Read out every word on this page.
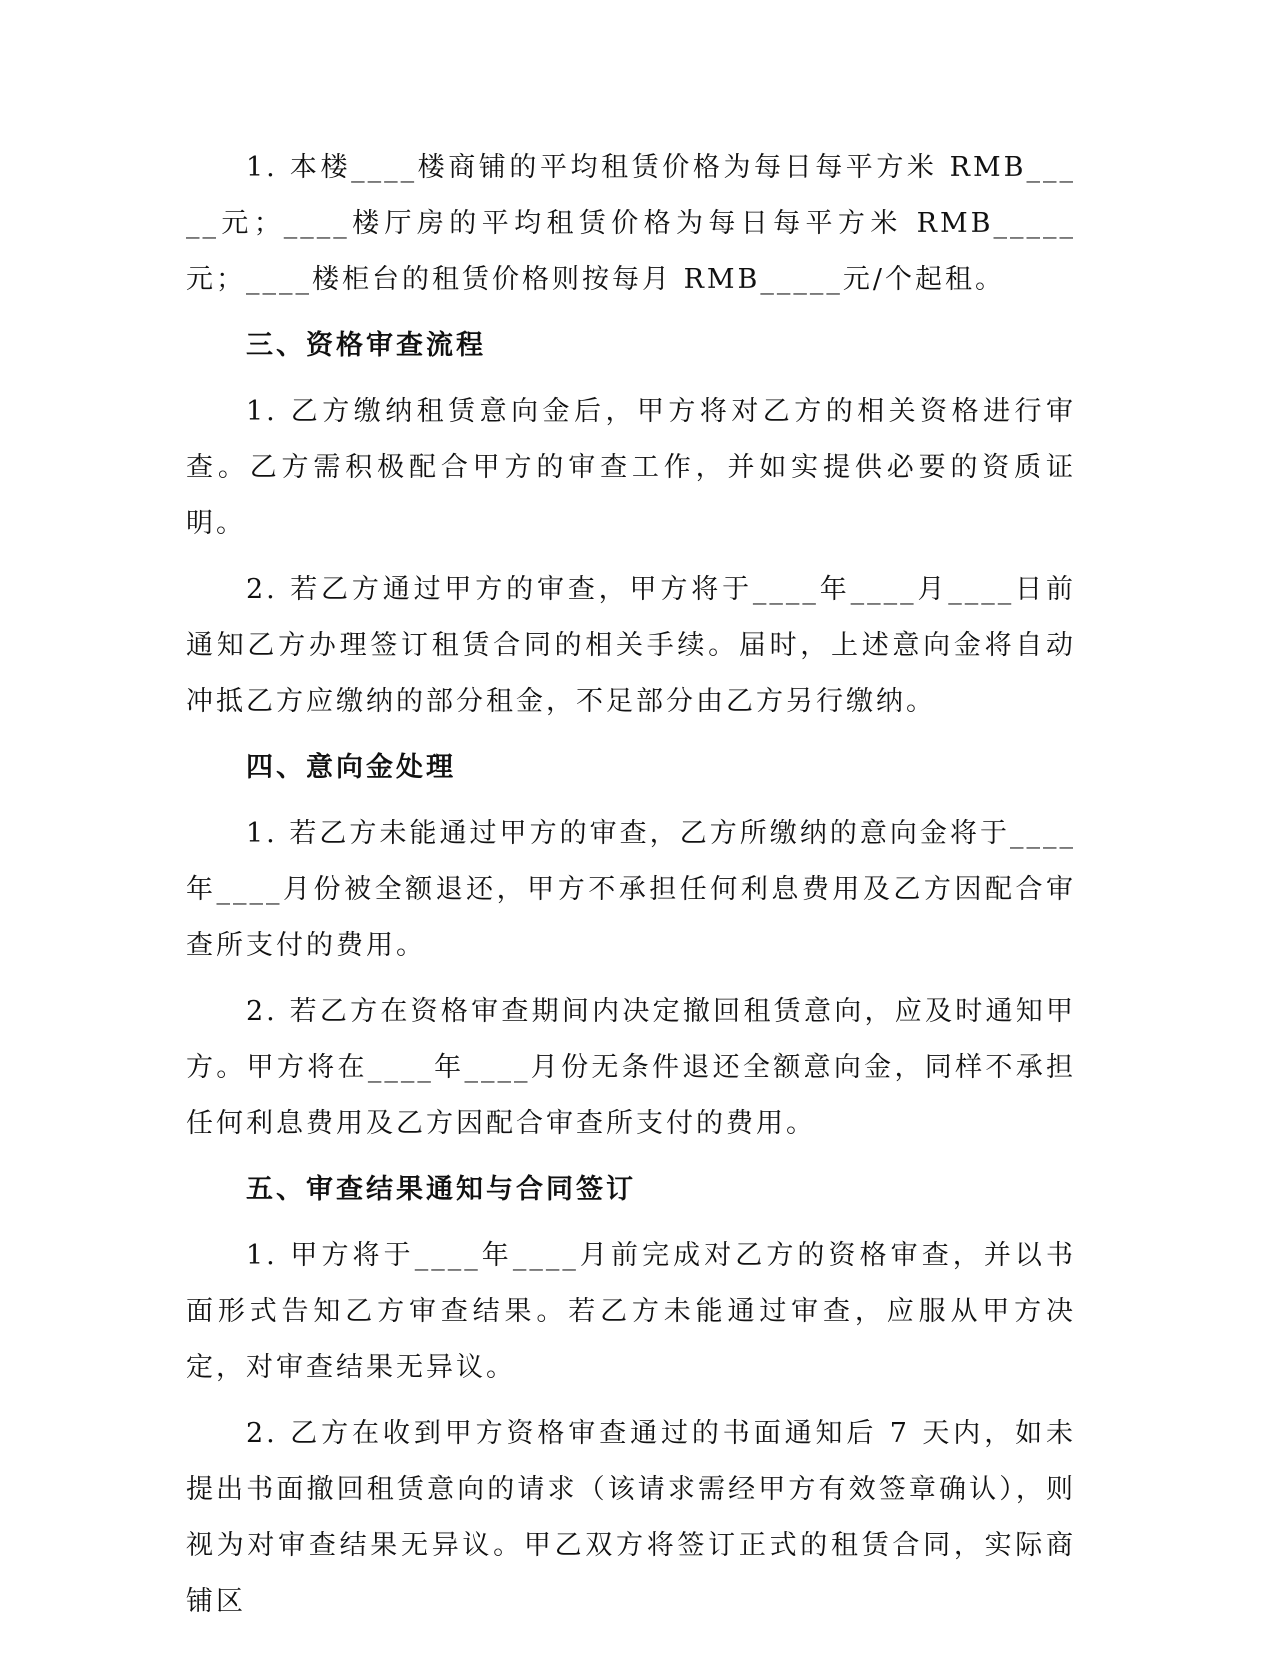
1. 本楼____楼商铺的平均租赁价格为每日每平方米 RMB_____元；____楼厅房的平均租赁价格为每日每平方米 RMB_____元；____楼柜台的租赁价格则按每月 RMB_____元/个起租。

三、资格审查流程

1. 乙方缴纳租赁意向金后，甲方将对乙方的相关资格进行审查。乙方需积极配合甲方的审查工作，并如实提供必要的资质证明。

2. 若乙方通过甲方的审查，甲方将于____年____月____日前通知乙方办理签订租赁合同的相关手续。届时，上述意向金将自动冲抵乙方应缴纳的部分租金，不足部分由乙方另行缴纳。

四、意向金处理

1. 若乙方未能通过甲方的审查，乙方所缴纳的意向金将于____年____月份被全额退还，甲方不承担任何利息费用及乙方因配合审查所支付的费用。

2. 若乙方在资格审查期间内决定撤回租赁意向，应及时通知甲方。甲方将在____年____月份无条件退还全额意向金，同样不承担任何利息费用及乙方因配合审查所支付的费用。

五、审查结果通知与合同签订

1. 甲方将于____年____月前完成对乙方的资格审查，并以书面形式告知乙方审查结果。若乙方未能通过审查，应服从甲方决定，对审查结果无异议。

2. 乙方在收到甲方资格审查通过的书面通知后 7 天内，如未提出书面撤回租赁意向的请求（该请求需经甲方有效签章确认），则视为对审查结果无异议。甲乙双方将签订正式的租赁合同，实际商铺区
